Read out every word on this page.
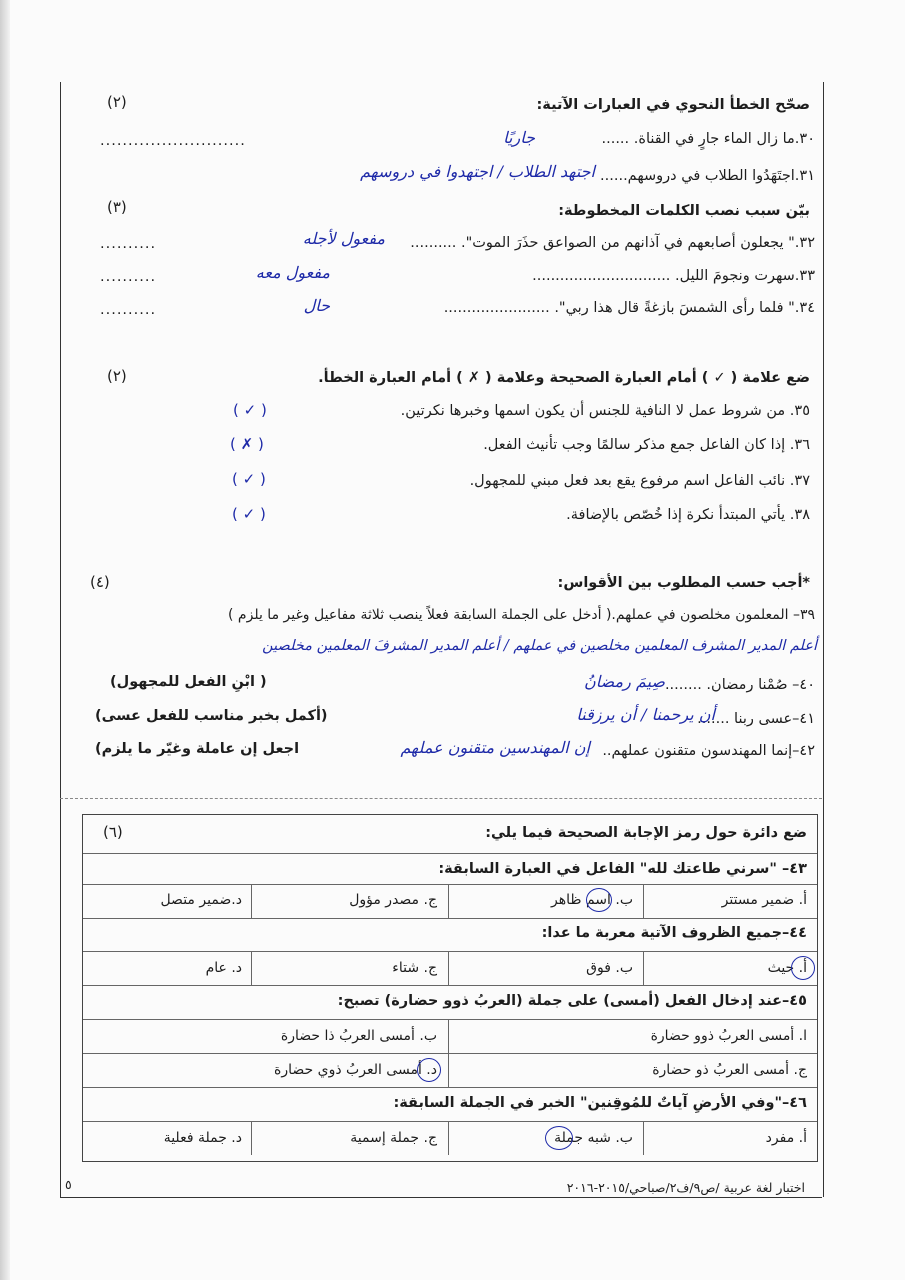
صحّح الخطأ النحوي في العبارات الآتية:
(٢)
٣٠.ما زال الماء جارٍ في القناة. ......
جاريًا
..........................
٣١.اجتَهَدُوا الطلاب في دروسهم......
اجتهد الطلاب / اجتهدوا في دروسهم
(٣)	بيّن سبب نصب الكلمات المخطوطة:
٣٢." يجعلون أصابعهم في آذانهم من الصواعق حذَرَ الموت". ..........
مفعول لأجله
..........
٣٣.سهرت ونجومَ الليل. ..............................
مفعول معه
..........
٣٤." فلما رأى الشمسَ بازغةً قال هذا ربي". .......................
حال
..........
(٢)	ضع علامة ( ✓ ) أمام العبارة الصحيحة وعلامة ( ✗ ) أمام العبارة الخطأ.
٣٥. من شروط عمل لا النافية للجنس أن يكون اسمها وخبرها نكرتين.
( ✓ )
٣٦. إذا كان الفاعل جمع مذكر سالمًا وجب تأنيث الفعل.
( ✗ )
٣٧. نائب الفاعل اسم مرفوع يقع بعد فعل مبني للمجهول.
( ✓ )
٣٨. يأتي المبتدأ نكرة إذا خُصّص بالإضافة.
( ✓ )
(٤)	*أجب حسب المطلوب بين الأقواس:
٣٩– المعلمون مخلصون في عملهم.( أدخل على الجملة السابقة فعلاً ينصب ثلاثة مفاعيل وغير ما يلزم )
أعلم المدير المشرف المعلمين مخلصين في عملهم / أعلم المدير المشرفَ المعلمين مخلصين
٤٠– صُمْنا رمضان. ........
صِيمَ رمضانُ
( ابْنِ الفعل للمجهول)
٤١–عسى ربنا .......
أن يرحمنا / أن يرزقنا
(أكمل بخبر مناسب للفعل عسى)
٤٢–إنما المهندسون متقنون عملهم..
إن المهندسين متقنون عملهم
اجعل إن عاملة وغيّر ما يلزم)
(٦)	ضع دائرة حول رمز الإجابة الصحيحة فيما يلي:
٤٣– "سرني طاعتك لله" الفاعل في العبارة السابقة:
أ. ضمير مستتر
ب. اسم ظاهر
ج. مصدر مؤول
د.ضمير متصل
٤٤–جميع الظروف الآتية معربة ما عدا:
أ. حيث
ب. فوق
ج. شتاء
د. عام
٤٥–عند إدخال الفعل (أمسى) على جملة (العربُ ذوو حضارة) تصبح:
ا. أمسى العربُ ذوو حضارة
ب. أمسى العربُ ذا حضارة
ج. أمسى العربُ ذو حضارة
د. أمسى العربُ ذوي حضارة
٤٦–"وفي الأرضِ آياتٌ للمُوقِنين" الخبر في الجملة السابقة:
أ. مفرد
ب. شبه جملة
ج. جملة إسمية
د. جملة فعلية
اختبار لغة عربية /ص٩/ف٢/صباحي/٢٠١٥-٢٠١٦
٥
